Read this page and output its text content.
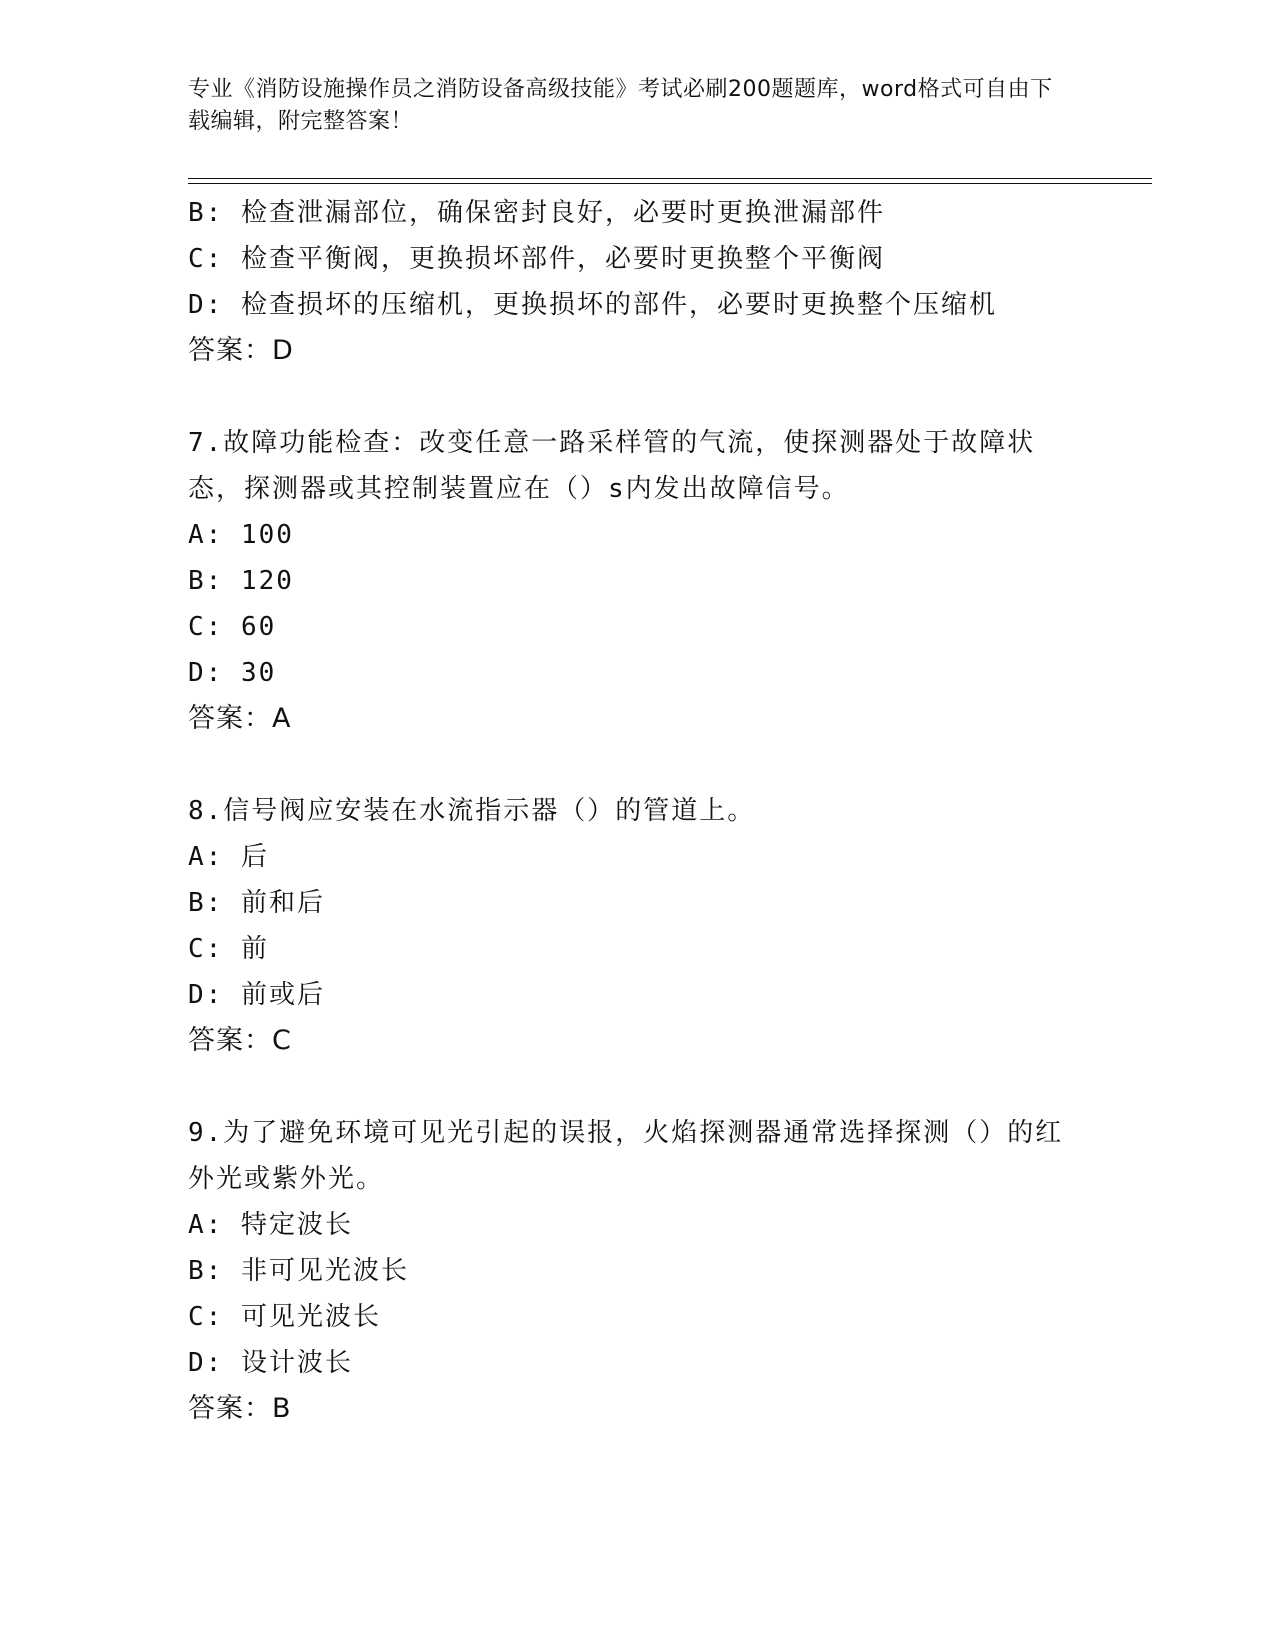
专业《消防设施操作员之消防设备高级技能》考试必刷200题题库，word格式可自由下载编辑，附完整答案！
B: 检查泄漏部位，确保密封良好，必要时更换泄漏部件
C: 检查平衡阀，更换损坏部件，必要时更换整个平衡阀
D: 检查损坏的压缩机，更换损坏的部件，必要时更换整个压缩机
答案：D
7.故障功能检查：改变任意一路采样管的气流，使探测器处于故障状态，探测器或其控制装置应在（）s内发出故障信号。
A: 100
B: 120
C: 60
D: 30
答案：A
8.信号阀应安装在水流指示器（）的管道上。
A: 后
B: 前和后
C: 前
D: 前或后
答案：C
9.为了避免环境可见光引起的误报，火焰探测器通常选择探测（）的红外光或紫外光。
A: 特定波长
B: 非可见光波长
C: 可见光波长
D: 设计波长
答案：B
